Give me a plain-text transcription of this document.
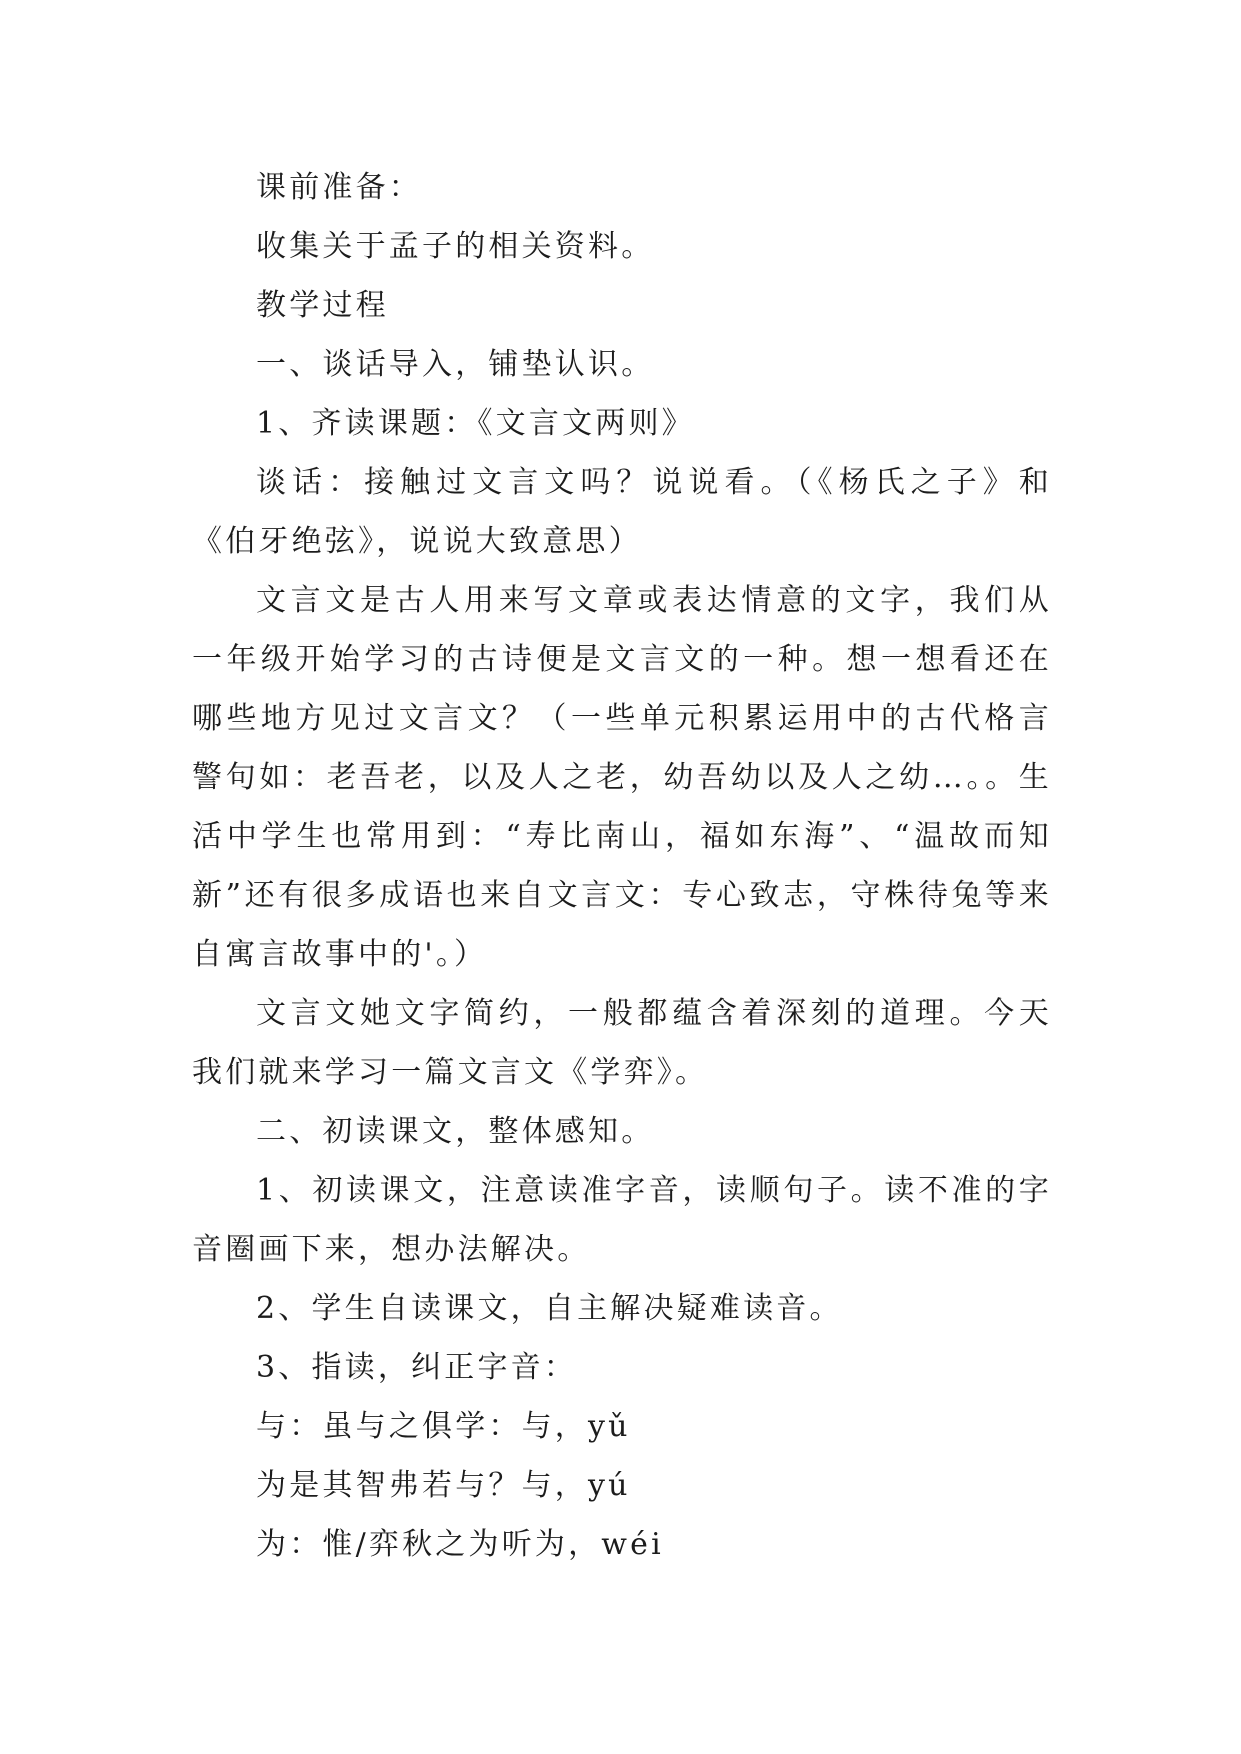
课前准备：

收集关于孟子的相关资料。

教学过程

一、谈话导入，铺垫认识。

1、齐读课题：《文言文两则》

谈话：接触过文言文吗？说说看。（《杨氏之子》和《伯牙绝弦》，说说大致意思）

文言文是古人用来写文章或表达情意的文字，我们从一年级开始学习的古诗便是文言文的一种。想一想看还在哪些地方见过文言文？（一些单元积累运用中的古代格言警句如：老吾老，以及人之老，幼吾幼以及人之幼…。。生活中学生也常用到：“寿比南山，福如东海”、“温故而知新”还有很多成语也来自文言文：专心致志，守株待兔等来自寓言故事中的'。）

文言文她文字简约，一般都蕴含着深刻的道理。今天我们就来学习一篇文言文《学弈》。

二、初读课文，整体感知。

1、初读课文，注意读准字音，读顺句子。读不准的字音圈画下来，想办法解决。

2、学生自读课文，自主解决疑难读音。

3、指读，纠正字音：

与：虽与之俱学：与，yǔ

为是其智弗若与？与，yú

为：惟/弈秋之为听为，wéi
